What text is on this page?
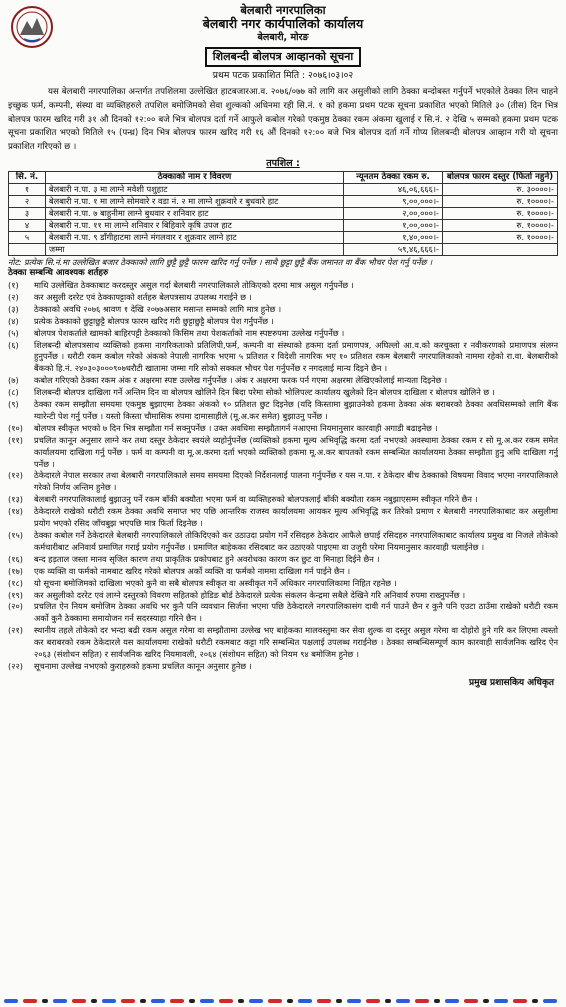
बेलबारी नगरपालिका
बेलबारी नगर कार्यपालिको कार्यालय
बेलबारी, मोरङ
शिलबन्दी बोलपत्र आव्हानको सूचना
प्रथम पटक प्रकाशित मिति : २०७६।०३।०२
यस बेलबारी नगरपालिका अन्तर्गत तपशिलमा उल्लेखित हाटबजारआ.व. २०७६/०७७ को लागि कर असुलीको लागि ठेक्का बन्दोबस्त गर्नुपर्ने भएकोले ठेक्का लिन चाहने इच्छुक फर्म, कम्पनी, संस्था वा व्यक्तिहरुले तपशिल बमोजिमको सेवा शुल्कको अधिनमा रही सि.नं. १ को हकमा प्रथम पटक सूचना प्रकाशित भएको मितिले ३० (तीस) दिन भित्र बोलपत्र फारम खरिद गरी ३१ औ दिनको १२:०० बजे भित्र बोलपत्र दर्ता गर्ने आफुले कबोल गरेको एकमुष्ठ ठेक्का रकम अंकमा खुलाई र सि.नं. २ देखि ५ सम्मको हकमा प्रथम पटक सूचना प्रकाशित भएको मितिले १५ (पन्ध्र) दिन भित्र बोलपत्र फारम खरिद गरी १६ औं दिनको १२:०० बजे भित्र बोलपत्र दर्ता गर्ने गोप्य शिलबन्दी बोलपत्र आव्हान गरी यो सूचना प्रकाशित गरिएको छ ।
तपशिल :
सि. नं.	ठेक्काको नाम र विवरण	न्यूनतम ठेक्का रकम रु.	बोलपत्र फारम दस्तुर (फिर्ता नहुने)
१	बेलबारी न.पा. ३ मा लाग्ने मवेशी पशुहाट	४६,०६,६६६।-	रु. ३००००।-
२	बेलबारी न.पा. १ मा लाग्ने सोमवारे र वडा नं. २ मा लाग्ने शुक्रवारे र बुधवारे हाट	९,००,०००।-	रु. १००००।-
३	बेलबारी न.पा. ७ बाहुनीमा लाग्ने बुधवार र शनिवार हाट	२,००,०००।-	रु. १००००।-
४	बेलबारी न.पा. ११ मा लाग्ने शनिवार र बिहिवारे कृषि उपज हाट	१,००,०००।-	रु. १००००।-
५	बेलबारी न.पा. ९ डाँगीहाटमा लाग्ने मंगलवार र शुक्रवार लाग्ने हाट	१,४०,०००।-	रु. १००००।-
	जम्मा	५९,४६,६६६।-	
नोट: प्रत्येक सि.नं.मा उल्लेखित बजार ठेक्काको लागि छुट्टै छुट्टै फारम खरिद गर्नु पर्नेछ । साथै छुट्टा छुट्टै बैंक जमानत वा बैंक भौचर पेश गर्नु पर्नेछ ।
ठेक्का सम्बन्धि आवश्यक शर्तहरु
(१)	माथि उल्लेखित ठेक्काबाट करदस्तुर असुल गर्दा बेलबारी नगरपालिकाले तोकिएको दरमा मात्र असुल गर्नुपर्नेछ ।
(२)	कर असुली दररेट एवं ठेक्कापट्टाको शर्तहरु बेलपत्रसाथ उपलब्ध गराईने छ ।
(३)	ठेक्काको अवधि २०७६ श्रावण १ देखि २०७७असार मसान्त सम्मको लागि मात्र हुनेछ ।
(४)	प्रत्येक ठेक्काको छुट्टाछुट्टै बोलपत्र फारम खरिद गरी छुट्टाछुट्टै बोलपत्र पेश गर्नुपर्नेछ ।
(५)	बोलपत्र पेशकर्ताले खामको बाहिरपट्टी ठेक्काको किसिम तथा पेशकर्ताको नाम स्पष्टरुपमा उल्लेख गर्नुपर्नेछ ।
(६)	शिलबन्दी बोलपत्रसाथ व्यक्तिको हकमा नागरिकताको प्रतिलिपी,फर्म, कम्पनी वा संस्थाको हकमा दर्ता प्रमाणपत्र, अघिल्लो आ.व.को करचुक्ता र नवीकरणको प्रमाणपत्र संलग्न हुनुपर्नेछ । धरौटी रकम कबोल गरेको अंकको नेपाली नागरिक भएमा ५ प्रतिशत र विदेशी नागरिक भए १० प्रतिशत रकम बेलबारी नगरपालिकाको नाममा रहेको रा.वा. बेलबारीको बैंकको हि.नं. २४०३०३०००९०७धरौटी खातामा जम्मा गरि सोको सक्कल भौचर पेश गर्नुपर्नेछ र नगदलाई मान्य दिइने छैन ।
(७)	कबोल गरिएको ठेक्का रकम अंक र अक्षरमा स्पष्ट उल्लेख गर्नुपर्नेछ । अंक र अक्षरमा फरक पर्न गएमा अक्षरमा लेखिएकोलाई मान्यता दिइनेछ ।
(८)	शिलबन्दी बोलपत्र दाखिला गर्ने अन्तिम दिन वा बोलपत्र खोलिने दिन बिदा परेमा सोको भोलिपल्ट कार्यालय खुलेको दिन बोलपत्र दाखिला र बोलपत्र खोलिने छ ।
(९)	ठेक्का रकम सम्झौता समयमा एकमुष्ठ बुझाएमा ठेक्का अंकको १० प्रतिशत छुट दिइनेछ (यदि किस्तामा बुझाउनेको हकमा ठेक्का अंक बराबरको ठेक्का अवधिसम्मको लागि बैंक ग्यारेन्टी पेश गर्नु पर्नेछ । यस्तो किस्ता चौमासिक रुपमा दामासाहीले (मू.अ.कर समेत) बुझाउनु पर्नेछ ।
(१०)	बोलपत्र स्वीकृत भएको ७ दिन भित्र सम्झौता गर्न सक्नुपर्नेछ । उक्त अवधिमा सम्झौतागर्न नआएमा नियमानुसार कारवाही अगाडी बढाइनेछ ।
(११)	प्रचलित कानून अनुसार लाग्ने कर तथा दस्तुर ठेकेदार स्वयंले व्यहोर्नुपर्नेछ (व्यक्तिको हकमा मूल्य अभिवृद्धि करमा दर्ता नभएको अवस्थामा ठेक्का रकम र सो मू.अ.कर रकम समेत कार्यालयमा दाखिला गर्नु पर्नेछ । फर्म वा कम्पनी वा मू.अ.करमा दर्ता भएको व्यक्तिको हकमा मू.अ.कर बापतको रकम सम्बन्धित कार्यालयमा ठेक्का सम्झौता हुनु अघि दाखिला गर्नु पर्नेछ ।
(१२)	ठेकेदारले नेपाल सरकार तथा बेलबारी नगरपालिकाले समय समयमा दिएको निर्देशनलाई पालना गर्नुपर्नेछ र यस न.पा. र ठेकेदार बीच ठेक्काको विषयमा विवाद भएमा नगरपालिकाले गरेको निर्णय अन्तिम हुनेछ ।
(१३)	बेलबारी नगरपालिकालाई बुझाउनु पर्ने रकम बाँकी बक्यौता भएमा फर्म वा व्यक्तिहरुको बोलपत्रलाई बाँकी बक्यौता रकम नबुझाएसम्म स्वीकृत गरिने छैन ।
(१४)	ठेकेदारले राखेको धरौटी रकम ठेक्का अवधि समाप्त भए पछि आन्तरिक राजस्व कार्यालयमा आयकर मूल्य अभिवृद्धि कर तिरेको प्रमाण र बेलबारी नगरपालिकाबाट कर असुलीमा प्रयोग भएको रसिद जाँचबुझ भएपछि मात्र फिर्ता दिइनेछ ।
(१५)	ठेक्का कबोल गर्ने ठेकेदारले बेलबारी नगरपालिकाले तोकिदिएको कर उठाउदा प्रयोग गर्ने रसिदहरु ठेकेदार आफैले छपाई रसिदहरु नगरपालिकाबाट कार्यालय प्रमुख वा निजले तोकेको कर्मचारीबाट अनिवार्य प्रमाणित गराई प्रयोग गर्नुपर्नेछ । प्रमाणित बाहेकका रसिदबाट कर उठाएको पाइएमा वा उजुरी परेमा नियमानुसार कारवाही चलाईनेछ ।
(१६)	बन्द हड़ताल जस्ता मानव सृजित कारण तथा प्राकृतिक प्रकोपबाट हुने अवरोधका कारण कर छुट वा मिनाहा दिईने छैन ।
(१७)	एक व्यक्ति वा फर्मको नामबाट खरिद गरेको बोलपत्र अर्को व्यक्ति वा फर्मको नाममा दाखिला गर्न पाईने छैन ।
(१८)	यो सूचना बमोजिमको दाखिला भएको कुनै वा सबै बोलपत्र स्वीकृत वा अस्वीकृत गर्ने अधिकार नगरपालिकामा निहित रहनेछ ।
(१९)	कर असुलीको दररेट एवं लाग्ने दस्तुरको विवरण सहितको होडिङ बोर्ड ठेकेदारले प्रत्येक संकलन केन्द्रमा सबैले देखिने गरि अनिवार्य रुपमा राख्नुपर्नेछ ।
(२०)	प्रचलित ऐन नियम बमोजिम ठेक्का अवधि भर कुनै पनि व्यवधान सिर्जना भएमा पछि ठेकेदारले नगरपालिकासंग दावी गर्न पाउने छैन र कुनै पनि एउटा ठाउँमा राखेको धरौटी रकम अर्को कुनै ठेक्कामा समायोजन गर्न सदरस्याहा गरिने छैन ।
(२१)	स्थानीय तहले तोकेको दर भन्दा बढी रकम असुल गरेमा वा सम्झौतामा उल्लेख भए बाहेकका मालवस्तुमा कर सेवा शुल्क वा दस्तुर असुल गरेमा वा दोहोरो हुने गरि कर लिएमा त्यस्तो कर बराबरको रकम ठेकेदारले यस कार्यालयमा राखेको धरौटी रकमबाट कट्टा गरि सम्बन्धित पक्षलाई उपलब्ध गराईनेछ । ठेक्का सम्बन्धिसम्पूर्ण काम कारवाही सार्वजनिक खरिद ऐन २०६३ (संशोधन सहित) र सार्वजनिक खरिद नियमावली, २०६४ (संशोधन सहित) को नियम ९४ बमोजिम हुनेछ ।
(२२)	सूचनामा उल्लेख नभएको कुराहरुको हकमा प्रचलित कानून अनुसार हुनेछ ।
प्रमुख प्रशासकिय अधिकृत
